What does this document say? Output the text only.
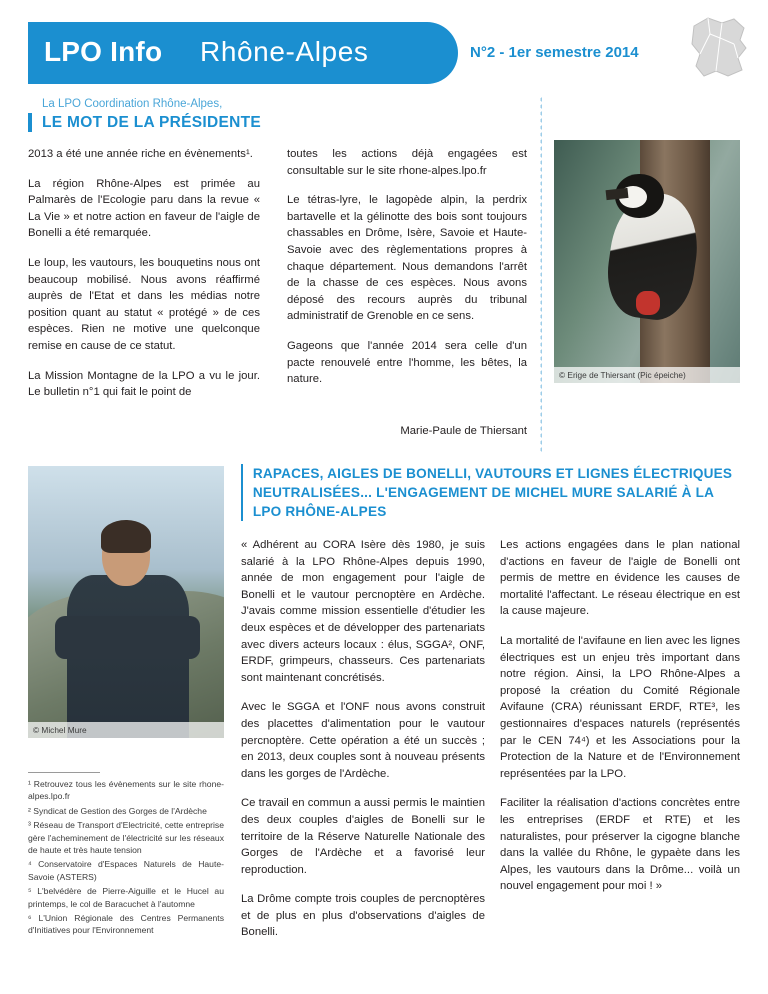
LPO Info Rhône-Alpes	N°2 - 1er semestre 2014
La LPO Coordination Rhône-Alpes,
LE MOT DE LA PRÉSIDENTE

2013 a été une année riche en évènements¹.

La région Rhône-Alpes est primée au Palmarès de l'Ecologie paru dans la revue « La Vie » et notre action en faveur de l'aigle de Bonelli a été remarquée.

Le loup, les vautours, les bouquetins nous ont beaucoup mobilisé. Nous avons réaffirmé auprès de l'Etat et dans les médias notre position quant au statut « protégé » de ces espèces. Rien ne motive une quelconque remise en cause de ce statut.

La Mission Montagne de la LPO a vu le jour. Le bulletin n°1 qui fait le point de

toutes les actions déjà engagées est consultable sur le site rhone-alpes.lpo.fr

Le tétras-lyre, le lagopède alpin, la perdrix bartavelle et la gélinotte des bois sont toujours chassables en Drôme, Isère, Savoie et Haute-Savoie avec des règlementations propres à chaque département. Nous demandons l'arrêt de la chasse de ces espèces. Nous avons déposé des recours auprès du tribunal administratif de Grenoble en ce sens.

Gageons que l'année 2014 sera celle d'un pacte renouvelé entre l'homme, les bêtes, la nature.

Marie-Paule de Thiersant
© Erige de Thiersant (Pic épeiche)
RAPACES, AIGLES DE BONELLI, VAUTOURS ET LIGNES ÉLECTRIQUES NEUTRALISÉES... L'ENGAGEMENT DE MICHEL MURE SALARIÉ À LA LPO RHÔNE-ALPES
© Michel Mure

« Adhérent au CORA Isère dès 1980, je suis salarié à la LPO Rhône-Alpes depuis 1990, année de mon engagement pour l'aigle de Bonelli et le vautour percnoptère en Ardèche. J'avais comme mission essentielle d'étudier les deux espèces et de développer des partenariats avec divers acteurs locaux : élus, SGGA², ONF, ERDF, grimpeurs, chasseurs. Ces partenariats sont maintenant concrétisés.

Avec le SGGA et l'ONF nous avons construit des placettes d'alimentation pour le vautour percnoptère. Cette opération a été un succès ; en 2013, deux couples sont à nouveau présents dans les gorges de l'Ardèche.

Ce travail en commun a aussi permis le maintien des deux couples d'aigles de Bonelli sur le territoire de la Réserve Naturelle Nationale des Gorges de l'Ardèche et a favorisé leur reproduction.

La Drôme compte trois couples de percnoptères et de plus en plus d'observations d'aigles de Bonelli.

Les actions engagées dans le plan national d'actions en faveur de l'aigle de Bonelli ont permis de mettre en évidence les causes de mortalité l'affectant. Le réseau électrique en est la cause majeure.

La mortalité de l'avifaune en lien avec les lignes électriques est un enjeu très important dans notre région. Ainsi, la LPO Rhône-Alpes a proposé la création du Comité Régionale Avifaune (CRA) réunissant ERDF, RTE³, les gestionnaires d'espaces naturels (représentés par le CEN 74⁴) et les Associations pour la Protection de la Nature et de l'Environnement représentées par la LPO.

Faciliter la réalisation d'actions concrètes entre les entreprises (ERDF et RTE) et les naturalistes, pour préserver la cigogne blanche dans la vallée du Rhône, le gypaète dans les Alpes, les vautours dans la Drôme... voilà un nouvel engagement pour moi ! »

¹ Retrouvez tous les évènements sur le site rhone-alpes.lpo.fr
² Syndicat de Gestion des Gorges de l'Ardèche
³ Réseau de Transport d'Electricité, cette entreprise gère l'acheminement de l'électricité sur les réseaux de haute et très haute tension
⁴ Conservatoire d'Espaces Naturels de Haute-Savoie (ASTERS)
⁵ L'belvédère de Pierre-Aiguille et le Hucel au printemps, le col de Baracuchet à l'automne
⁶ L'Union Régionale des Centres Permanents d'Initiatives pour l'Environnement
